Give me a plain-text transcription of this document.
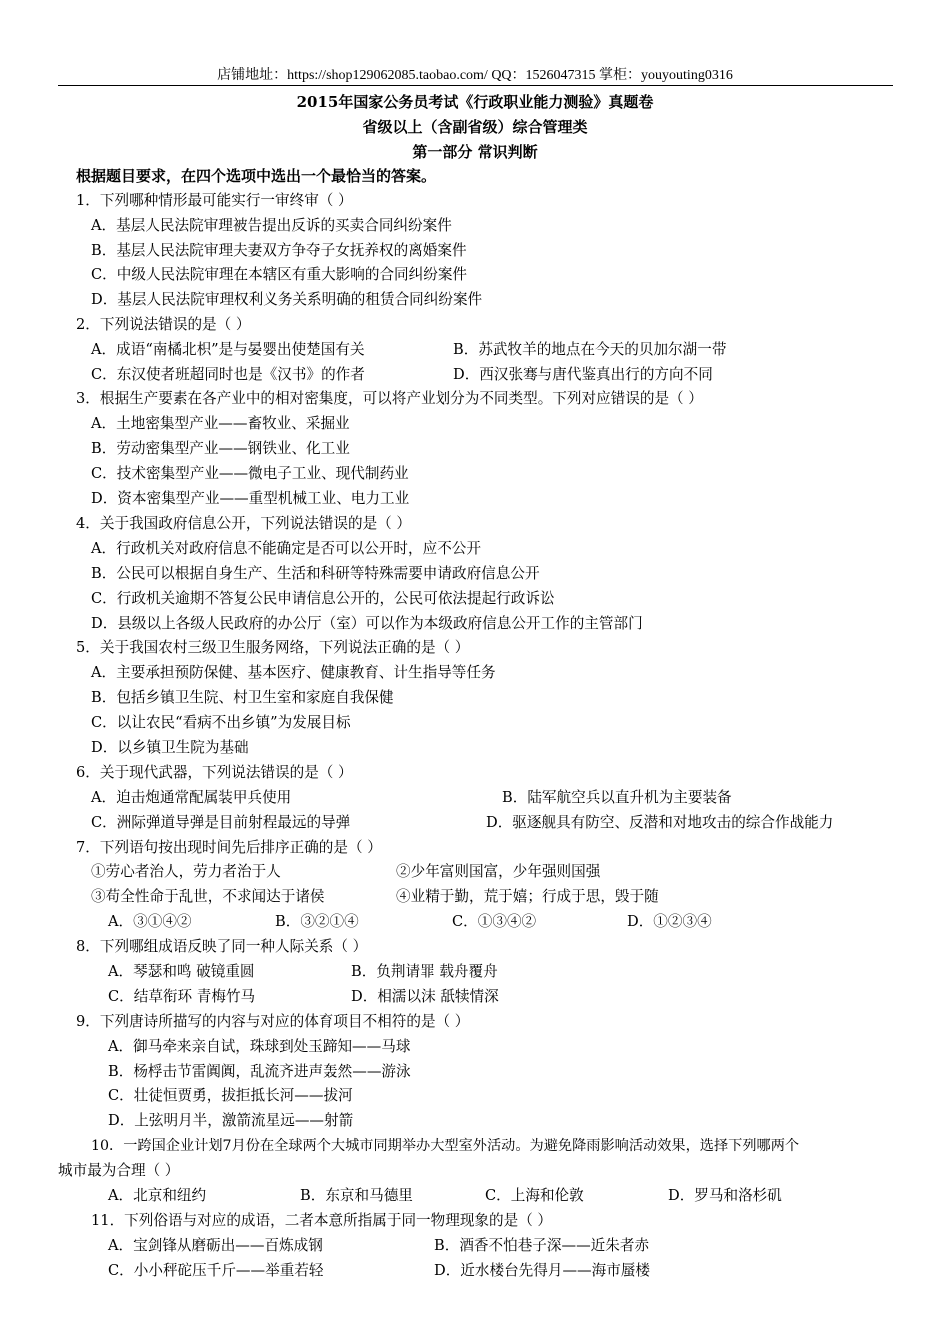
店铺地址：https://shop129062085.taobao.com/ QQ：1526047315 掌柜：youyouting0316
2015年国家公务员考试《行政职业能力测验》真题卷
省级以上（含副省级）综合管理类
第一部分 常识判断
根据题目要求，在四个选项中选出一个最恰当的答案。
1．下列哪种情形最可能实行一审终审（ ）
A．基层人民法院审理被告提出反诉的买卖合同纠纷案件
B．基层人民法院审理夫妻双方争夺子女抚养权的离婚案件
C．中级人民法院审理在本辖区有重大影响的合同纠纷案件
D．基层人民法院审理权利义务关系明确的租赁合同纠纷案件
2．下列说法错误的是（ ）
A．成语“南橘北枳”是与晏婴出使楚国有关	B．苏武牧羊的地点在今天的贝加尔湖一带
C．东汉使者班超同时也是《汉书》的作者	D．西汉张骞与唐代鉴真出行的方向不同
3．根据生产要素在各产业中的相对密集度，可以将产业划分为不同类型。下列对应错误的是（ ）
A．土地密集型产业——畜牧业、采掘业
B．劳动密集型产业——钢铁业、化工业
C．技术密集型产业——微电子工业、现代制药业
D．资本密集型产业——重型机械工业、电力工业
4．关于我国政府信息公开，下列说法错误的是（ ）
A．行政机关对政府信息不能确定是否可以公开时，应不公开
B．公民可以根据自身生产、生活和科研等特殊需要申请政府信息公开
C．行政机关逾期不答复公民申请信息公开的，公民可依法提起行政诉讼
D．县级以上各级人民政府的办公厅（室）可以作为本级政府信息公开工作的主管部门
5．关于我国农村三级卫生服务网络，下列说法正确的是（ ）
A．主要承担预防保健、基本医疗、健康教育、计生指导等任务
B．包括乡镇卫生院、村卫生室和家庭自我保健
C．以让农民“看病不出乡镇”为发展目标
D．以乡镇卫生院为基础
6．关于现代武器，下列说法错误的是（ ）
A．迫击炮通常配属装甲兵使用	B．陆军航空兵以直升机为主要装备
C．洲际弹道导弹是目前射程最远的导弹	D．驱逐舰具有防空、反潜和对地攻击的综合作战能力
7．下列语句按出现时间先后排序正确的是（ ）
①劳心者治人，劳力者治于人	②少年富则国富，少年强则国强
③苟全性命于乱世，不求闻达于诸侯	④业精于勤，荒于嬉；行成于思，毁于随
A．③①④②	B．③②①④	C．①③④②	D．①②③④
8．下列哪组成语反映了同一种人际关系（ ）
A．琴瑟和鸣 破镜重圆	B．负荆请罪 载舟覆舟
C．结草衔环 青梅竹马	D．相濡以沫 舐犊情深
9．下列唐诗所描写的内容与对应的体育项目不相符的是（ ）
A．御马牵来亲自试，珠球到处玉蹄知——马球
B．杨桴击节雷阗阗，乱流齐进声轰然——游泳
C．壮徒恒贾勇，拔拒抵长河——拔河
D．上弦明月半，激箭流星远——射箭
10．一跨国企业计划7月份在全球两个大城市同期举办大型室外活动。为避免降雨影响活动效果，选择下列哪两个
城市最为合理（ ）
A．北京和纽约	B．东京和马德里	C．上海和伦敦	D．罗马和洛杉矶
11．下列俗语与对应的成语，二者本意所指属于同一物理现象的是（ ）
A．宝剑锋从磨砺出——百炼成钢	B．酒香不怕巷子深——近朱者赤
C．小小秤砣压千斤——举重若轻	D．近水楼台先得月——海市蜃楼
